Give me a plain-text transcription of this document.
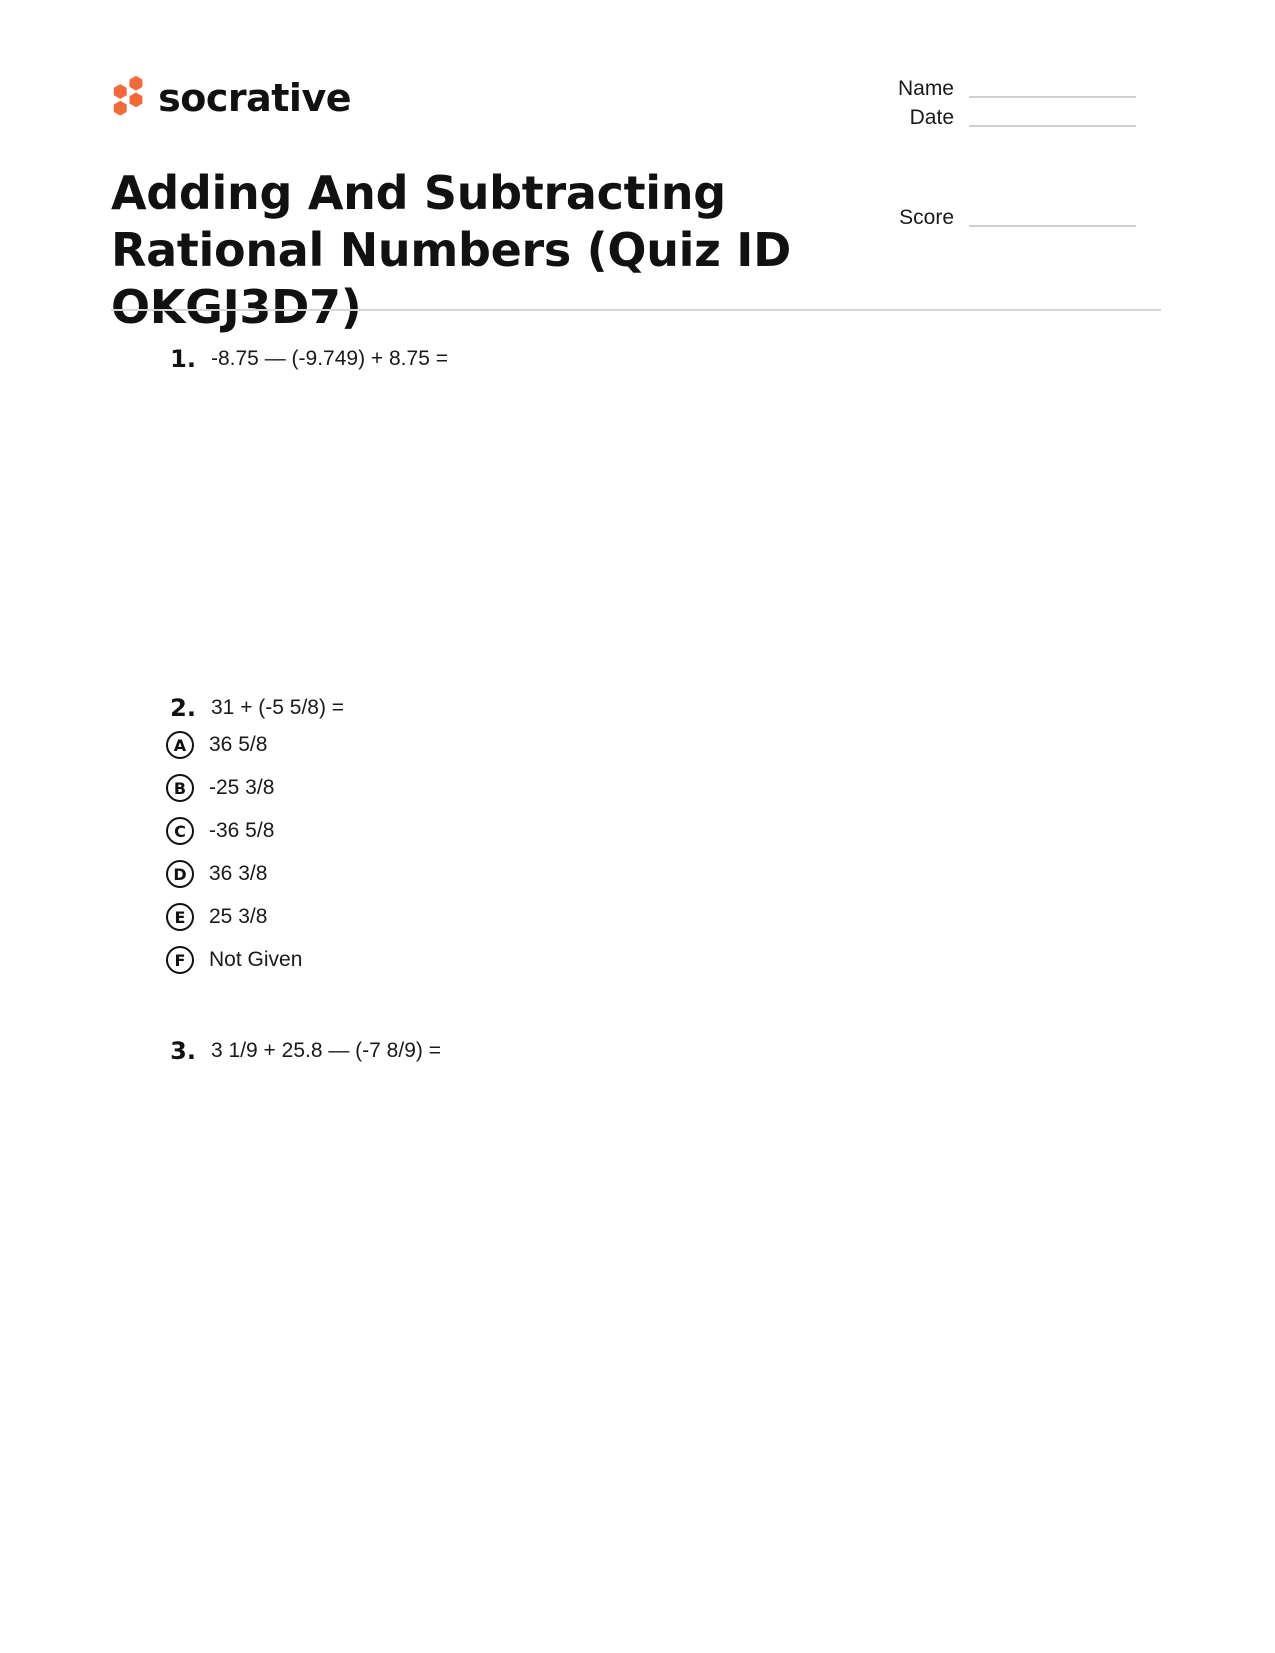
socrative	Name
Date
Score
Adding And Subtracting Rational Numbers (Quiz ID OKGJ3D7)
1. -8.75 — (-9.749) + 8.75 =
2. 31 + (-5 5/8) =
A	36 5/8
B	-25 3/8
C	-36 5/8
D	36 3/8
E	25 3/8
F	Not Given
3. 3 1/9 + 25.8 — (-7 8/9) =
